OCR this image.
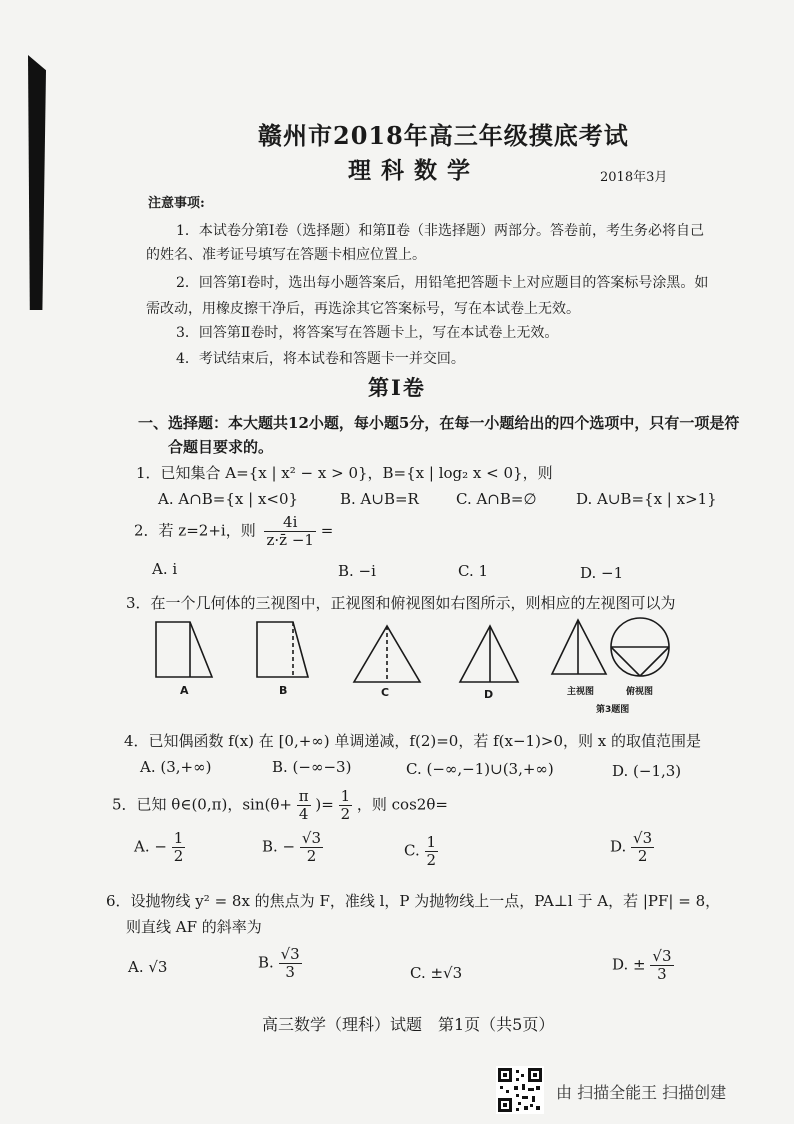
赣州市2018年高三年级摸底考试
理科数学	2018年3月
注意事项:
1．本试卷分第Ⅰ卷（选择题）和第Ⅱ卷（非选择题）两部分。答卷前，考生务必将自己
的姓名、准考证号填写在答题卡相应位置上。
2．回答第Ⅰ卷时，选出每小题答案后，用铅笔把答题卡上对应题目的答案标号涂黑。如
需改动，用橡皮擦干净后，再选涂其它答案标号，写在本试卷上无效。
3．回答第Ⅱ卷时，将答案写在答题卡上，写在本试卷上无效。
4．考试结束后，将本试卷和答题卡一并交回。
第Ⅰ卷
一、选择题：本大题共12小题，每小题5分，在每一小题给出的四个选项中，只有一项是符
合题目要求的。
1．已知集合 A={x | x² − x > 0}，B={x | log₂ x < 0}，则
A. A∩B={x | x<0}	B. A∪B=R C. A∩B=∅	D. A∪B={x | x>1}
2．若 z=2+i，则 $\frac{4i}{z\cdot z̄ -1}$ =
A. i	B. −i	C. 1	D. −1
3．在一个几何体的三视图中，正视图和俯视图如右图所示，则相应的左视图可以为
A	B	C	D	主视图	俯视图
第3题图
4．已知偶函数 f(x) 在 [0,+∞) 单调递减，f(2)=0，若 f(x−1)>0，则 x 的取值范围是
A. (3,+∞)	B. (−∞−3)	C. (−∞,−1)∪(3,+∞)	D. (−1,3)
5．已知 θ∈(0,π)，$\sin(\theta+ \frac{\pi}{4}$ )= $\frac{1}{2}$ ，则 cos2θ=
A. − $\frac{1}{2}$	B. − $\frac{√3}{2}$	C. $\frac{1}{2}$	D. $\frac{√3}{2}$
6．设抛物线 y² = 8x 的焦点为 F，准线 l，P 为抛物线上一点，PA⊥l 于 A，若 |PF| = 8，
则直线 AF 的斜率为
A. √3	B. $\frac{√3}{3}$	C. ±√3	D. ± $\frac{√3}{3}$
高三数学（理科）试题　第1页（共5页）
由 扫描全能王 扫描创建
